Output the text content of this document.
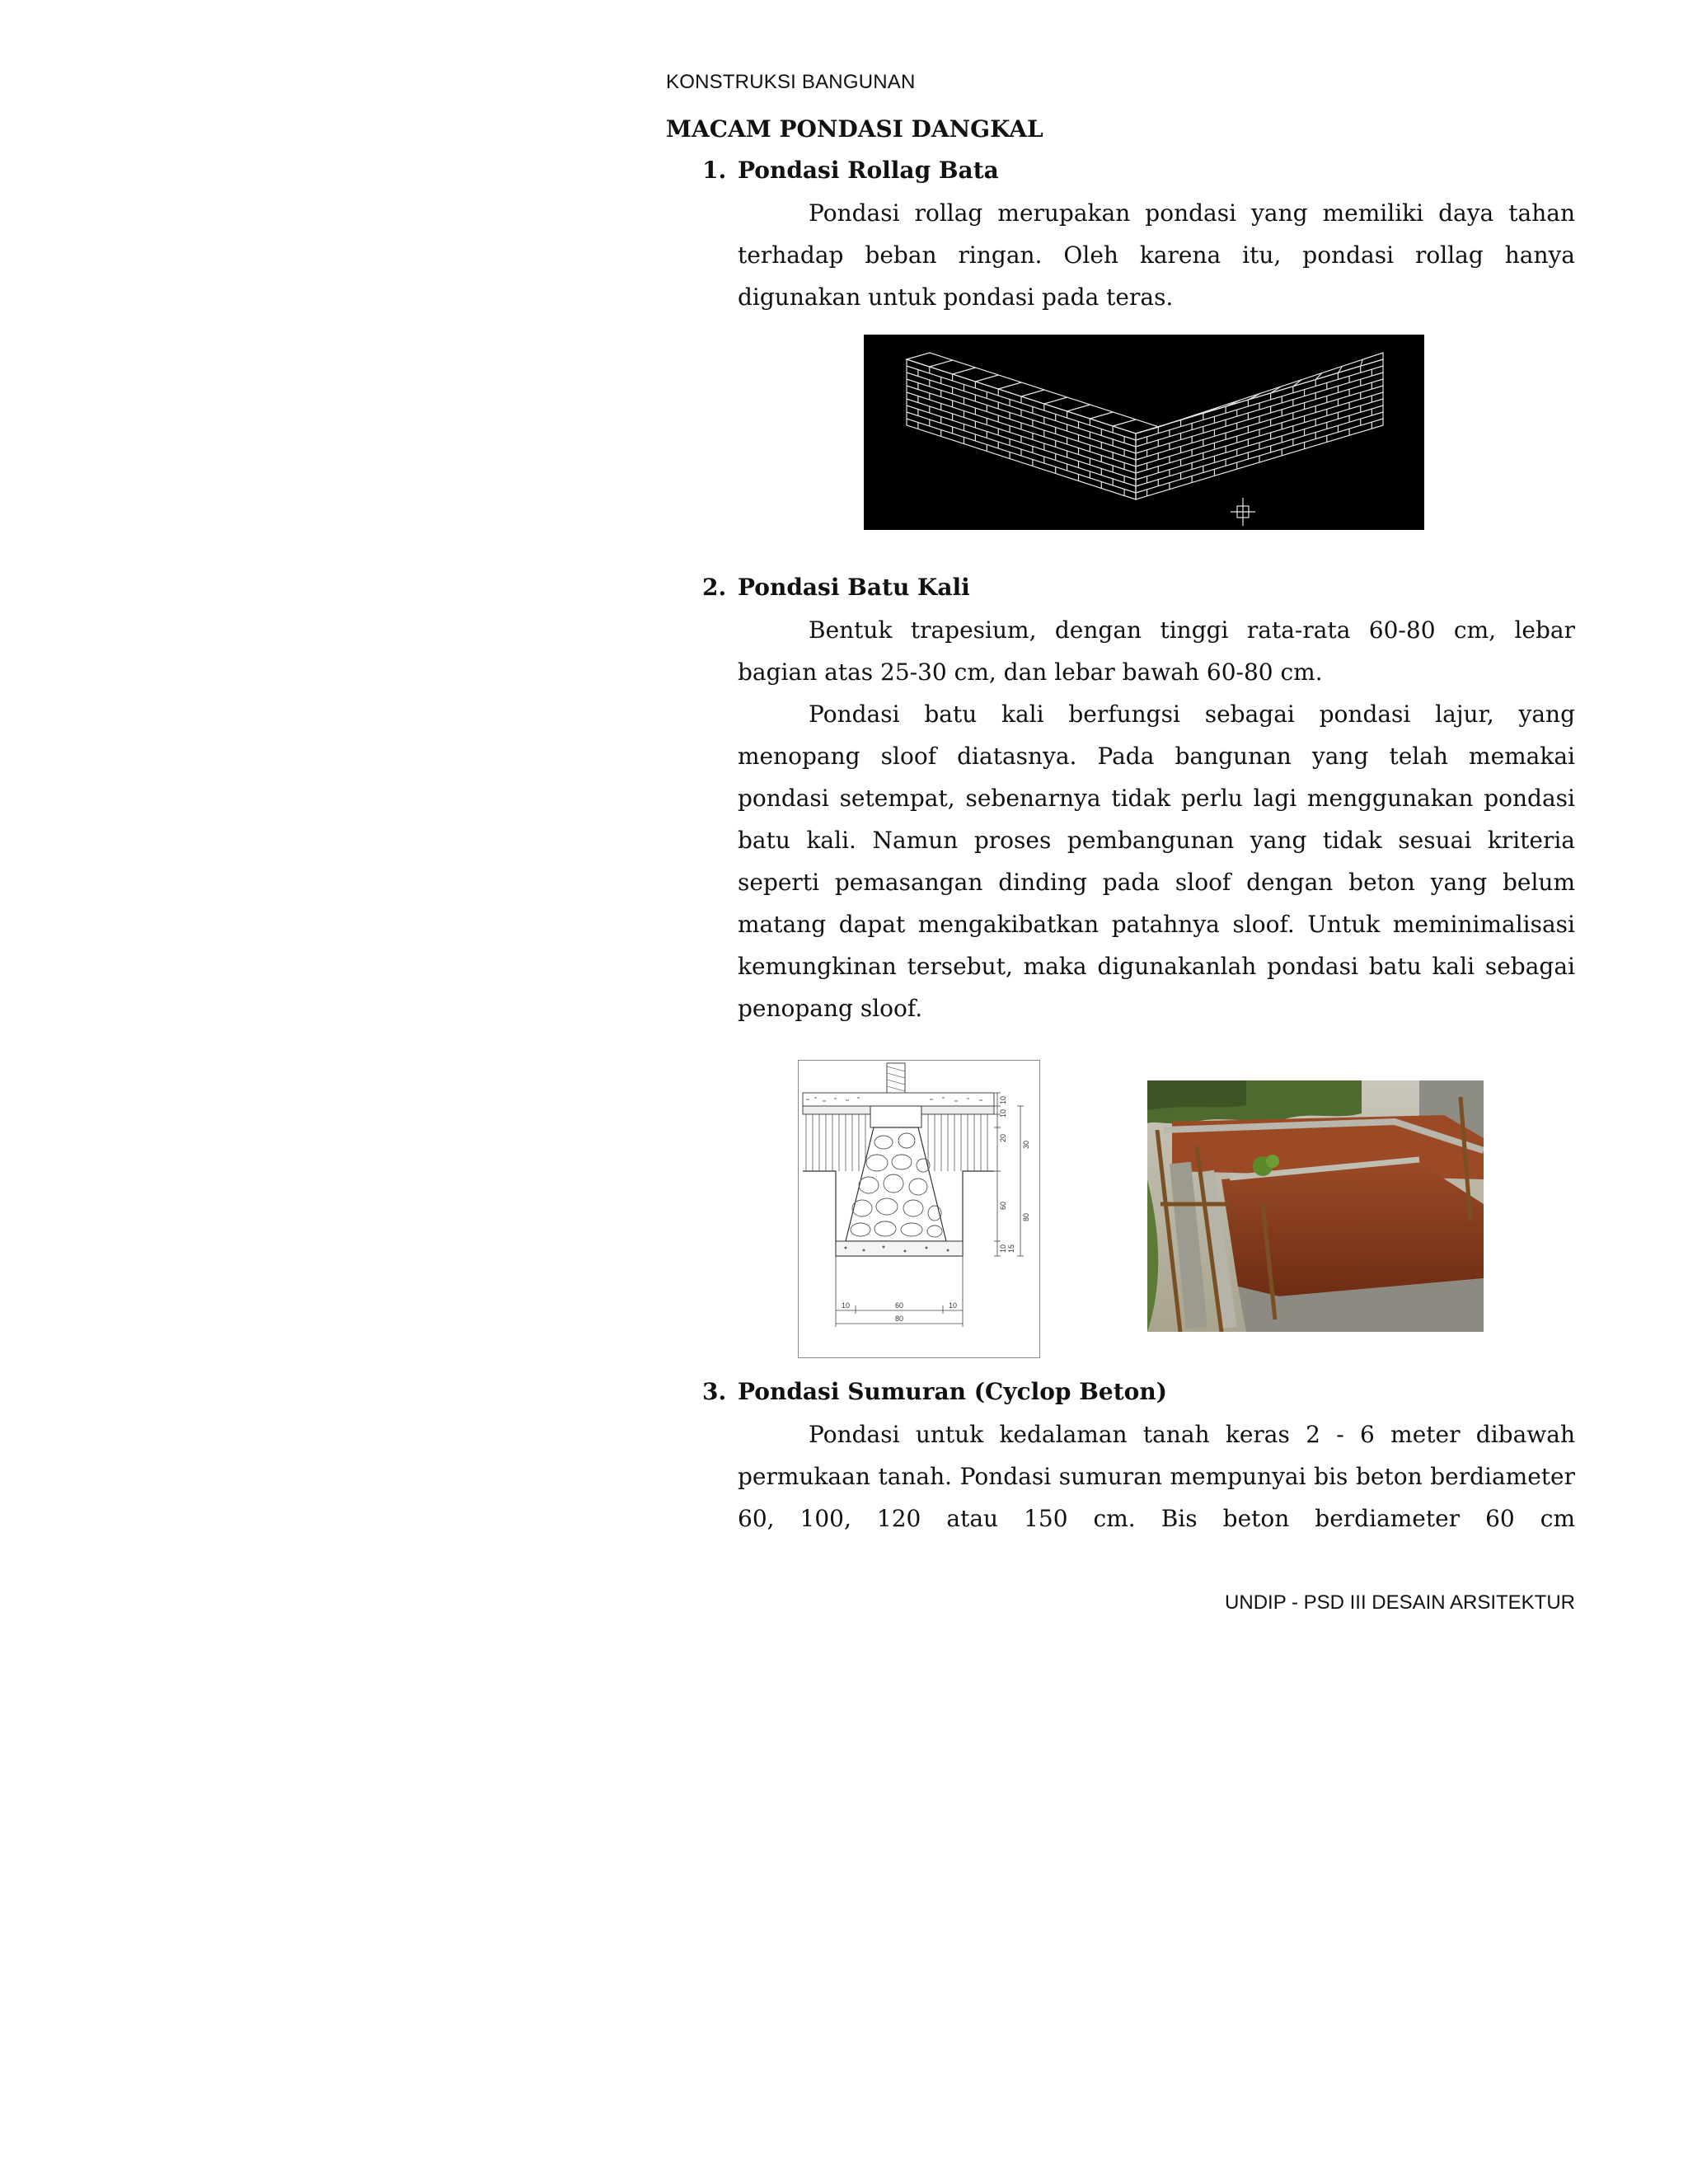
KONSTRUKSI BANGUNAN
MACAM PONDASI DANGKAL
1. Pondasi Rollag Bata
Pondasi rollag merupakan pondasi yang memiliki daya tahan terhadap beban ringan. Oleh karena itu, pondasi rollag hanya digunakan untuk pondasi pada teras.
2. Pondasi Batu Kali
Bentuk trapesium, dengan tinggi rata-rata 60-80 cm, lebar bagian atas 25-30 cm, dan lebar bawah 60-80 cm.
Pondasi batu kali berfungsi sebagai pondasi lajur, yang menopang sloof diatasnya. Pada bangunan yang telah memakai pondasi setempat, sebenarnya tidak perlu lagi menggunakan pondasi batu kali. Namun proses pembangunan yang tidak sesuai kriteria seperti pemasangan dinding pada sloof dengan beton yang belum matang dapat mengakibatkan patahnya sloof. Untuk meminimalisasi kemungkinan tersebut, maka digunakanlah pondasi batu kali sebagai penopang sloof.
10
10
20
30
60
80
10 15
10	60	10
80
3. Pondasi Sumuran (Cyclop Beton)
Pondasi untuk kedalaman tanah keras 2 - 6 meter dibawah permukaan tanah. Pondasi sumuran mempunyai bis beton berdiameter 60, 100, 120 atau 150 cm. Bis beton berdiameter 60 cm
UNDIP - PSD III DESAIN ARSITEKTUR
